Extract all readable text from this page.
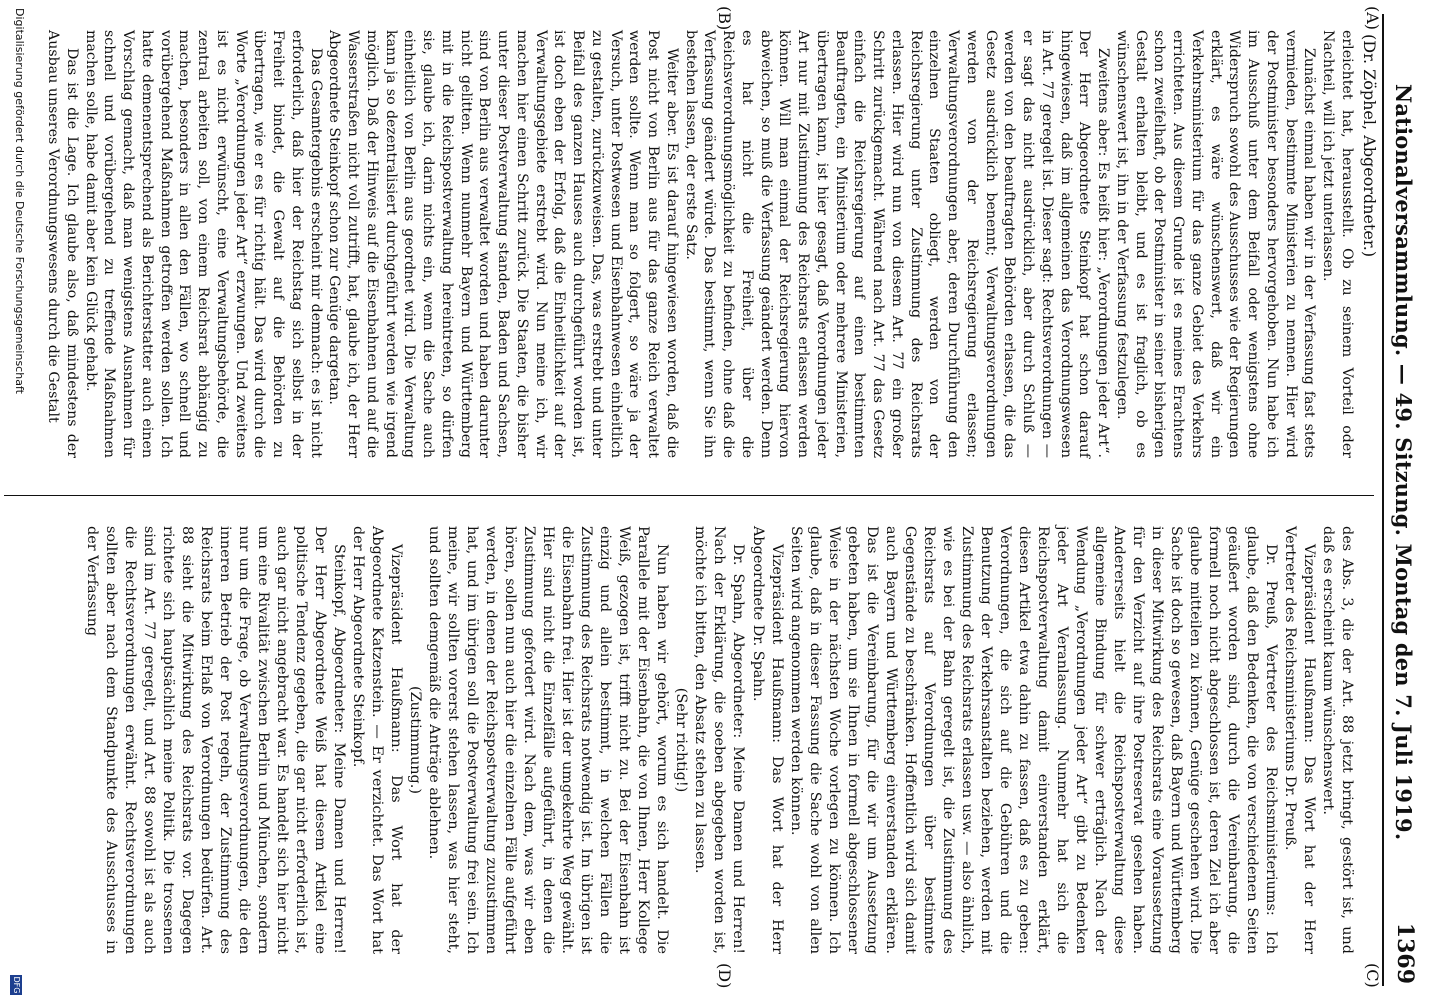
Nationalversammlung. — 49. Sitzung. Montag den 7. Juli 1919.
1369
(Dr. Zöphel, Abgeordneter.)
(A)
(B)
(C)
(D)

erleichtet hat, herausstellt. Ob zu seinem Vorteil oder Nachteil, will ich jetzt unterlassen.

Zunächst einmal haben wir in der Verfassung fast stets vermieden, bestimmte Ministerien zu nennen. Hier wird der Postminister besonders hervorgehoben. Nun habe ich im Ausschuß unter dem Beifall oder wenigstens ohne Widerspruch sowohl des Ausschusses wie der Regierungen erklärt, es wäre wünschenswert, daß wir ein Verkehrsministerium für das ganze Gebiet des Verkehrs errichteten. Aus diesem Grunde ist es meines Erachtens schon zweifelhaft, ob der Postminister in seiner bisherigen Gestalt erhalten bleibt, und es ist fraglich, ob es wünschenswert ist, ihn in der Verfassung festzulegen.

Zweitens aber: Es heißt hier: „Verordnungen jeder Art“. Der Herr Abgeordnete Steinkopf hat schon darauf hingewiesen, daß im allgemeinen das Verordnungswesen in Art. 77 geregelt ist. Dieser sagt: Rechtsverordnungen — er sagt das nicht ausdrücklich, aber durch Schluß — werden von den beauftragten Behörden erlassen, die das Gesetz ausdrücklich benennt; Verwaltungsverordnungen werden von der Reichsregierung erlassen; Verwaltungsverordnungen aber, deren Durchführung den einzelnen Staaten obliegt, werden von der Reichsregierung unter Zustimmung des Reichsrats erlassen. Hier wird nun von diesem Art. 77 ein großer Schritt zurückgemacht. Während nach Art. 77 das Gesetz einfach die Reichsregierung auf einen bestimmten Beauftragten, ein Ministerium oder mehrere Ministerien, übertragen kann, ist hier gesagt, daß Verordnungen jeder Art nur mit Zustimmung des Reichsrats erlassen werden können. Will man einmal der Reichsregierung hiervon abweichen, so muß die Verfassung geändert werden. Denn es hat nicht die Freiheit, über die Reichsverordnungsmöglichkeit zu befinden, ohne daß die Verfassung geändert würde. Das bestimmt, wenn Sie ihn bestehen lassen, der erste Satz.

Weiter aber. Es ist darauf hingewiesen worden, daß die Post nicht von Berlin aus für das ganze Reich verwaltet werden sollte. Wenn man so folgert, so wäre ja der Versuch, unter Postwesen und Eisenbahnwesen einheitlich zu gestalten, zurückzuweisen. Das, was erstrebt und unter Beifall des ganzen Hauses auch durchgeführt worden ist, ist doch eben der Erfolg, daß die Einheitlichkeit auf der Verwaltungsgebiete erstrebt wird. Nun meine ich, wir machen hier einen Schritt zurück. Die Staaten, die bisher unter dieser Postverwaltung standen, Baden und Sachsen, sind von Berlin aus verwaltet worden und haben darunter nicht gelitten. Wenn nunmehr Bayern und Württemberg mit in die Reichspostverwaltung hereintreten, so dürfen sie, glaube ich, darin nichts ein, wenn die Sache auch einheitlich von Berlin aus geordnet wird. Die Verwaltung kann ja so dezentralisiert durchgeführt werden wie irgend möglich. Daß der Hinweis auf die Eisenbahnen und auf die Wasserstraßen nicht voll zutrifft, hat, glaube ich, der Herr Abgeordnete Steinkopf schon zur Genüge dargetan.

Das Gesamtergebnis erscheint mir demnach: es ist nicht erforderlich, daß hier der Reichstag sich selbst in der Freiheit bindet, die Gewalt auf die Behörden zu übertragen, wie er es für richtig hält. Das wird durch die Worte „Verordnungen jeder Art“ erzwungen. Und zweitens ist es nicht erwünscht, eine Verwaltungsbehörde, die zentral arbeiten soll, von einem Reichsrat abhängig zu machen, besonders in allen den Fällen, wo schnell und vorübergehend Maßnahmen getroffen werden sollen. Ich hatte demenentsprechend als Berichterstatter auch einen Vorschlag gemacht, daß man wenigstens Ausnahmen für schnell und vorübergehend zu treffende Maßnahmen machen solle, habe damit aber kein Glück gehabt.

Das ist die Lage. Ich glaube also, daß mindestens der Ausbau unseres Verordnungswesens durch die Gestalt

des Abs. 3, die der Art. 88 jetzt bringt, gestört ist, und daß es erscheint kaum wünschenswert.

Vizepräsident Haußmann: Das Wort hat der Herr Vertreter des Reichsministeriums Dr. Preuß.

Dr. Preuß, Vertreter des Reichsministeriums: Ich glaube, daß den Bedenken, die von verschiedenen Seiten geäußert worden sind, durch die Vereinbarung, die formell noch nicht abgeschlossen ist, deren Ziel ich aber glaube mitteilen zu können, Genüge geschehen wird. Die Sache ist doch so gewesen, daß Bayern und Württemberg in dieser Mitwirkung des Reichsrats eine Voraussetzung für den Verzicht auf ihre Postreservat gesehen haben. Andererseits hielt die Reichspostverwaltung diese allgemeine Bindung für schwer erträglich. Nach der Wendung „Verordnungen jeder Art“ gibt zu Bedenken jeder Art Veranlassung. Nunmehr hat sich die Reichspostverwaltung damit einverstanden erklärt, diesen Artikel etwa dahin zu fassen, daß es zu geben: Verordnungen, die sich auf die Gebühren und die Benutzung der Verkehrsanstalten beziehen, werden mit Zustimmung des Reichsrats erlassen usw. — also ähnlich, wie es bei der Bahn geregelt ist, die Zustimmung des Reichsrats auf Verordnungen über bestimmte Gegenstände zu beschränken. Hoffentlich wird sich damit auch Bayern und Württemberg einverstanden erklären. Das ist die Vereinbarung, für die wir um Aussetzung gebeten haben, um sie Ihnen in formell abgeschlossener Weise in der nächsten Woche vorlegen zu können. Ich glaube, daß in dieser Fassung die Sache wohl von allen Seiten wird angenommen werden können.

Vizepräsident Haußmann: Das Wort hat der Herr Abgeordnete Dr. Spahn.

Dr. Spahn, Abgeordneter: Meine Damen und Herren! Nach der Erklärung, die soeben abgegeben worden ist, möchte ich bitten, den Absatz stehen zu lassen.

(Sehr richtig!)

Nun haben wir gehört, worum es sich handelt. Die Parallele mit der Eisenbahn, die von Ihnen, Herr Kollege Weiß, gezogen ist, trifft nicht zu. Bei der Eisenbahn ist einzig und allein bestimmt, in welchen Fällen die Zustimmung des Reichsrats notwendig ist. Im übrigen ist die Eisenbahn frei. Hier ist der umgekehrte Weg gewählt. Hier sind nicht die Einzelfälle aufgeführt, in denen die Zustimmung gefordert wird. Nach dem, was wir eben hören, sollen nun auch hier die einzelnen Fälle aufgeführt werden, in denen der Reichspostverwaltung zuzustimmen hat, und im übrigen soll die Postverwaltung frei sein. Ich meine, wir sollten vorerst stehen lassen, was hier steht, und sollten demgemäß die Anträge ablehnen.

(Zustimmung.)

Vizepräsident Haußmann: Das Wort hat der Abgeordnete Katzenstein. — Er verzichtet. Das Wort hat der Herr Abgeordnete Steinkopf.

Steinkopf, Abgeordneter: Meine Damen und Herren! Der Herr Abgeordnete Weiß hat diesem Artikel eine politische Tendenz gegeben, die gar nicht erforderlich ist, auch gar nicht angebracht war. Es handelt sich hier nicht um eine Rivalität zwischen Berlin und München, sondern nur um die Frage, ob Verwaltungsverordnungen, die den inneren Betrieb der Post regeln, der Zustimmung des Reichsrats beim Erlaß von Verordnungen bedürfen. Art. 88 sieht die Mitwirkung des Reichsrats vor. Dagegen richtete sich hauptsächlich meine Politik. Die trossenen sind im Art. 77 geregelt, und Art. 88 sowohl ist als auch die Rechtsverordnungen erwähnt. Rechtsverordnungen sollten aber nach dem Standpunkte des Ausschusses in der Verfassung

Digitalisierung gefördert durch die Deutsche Forschungsgemeinschaft
DFG
